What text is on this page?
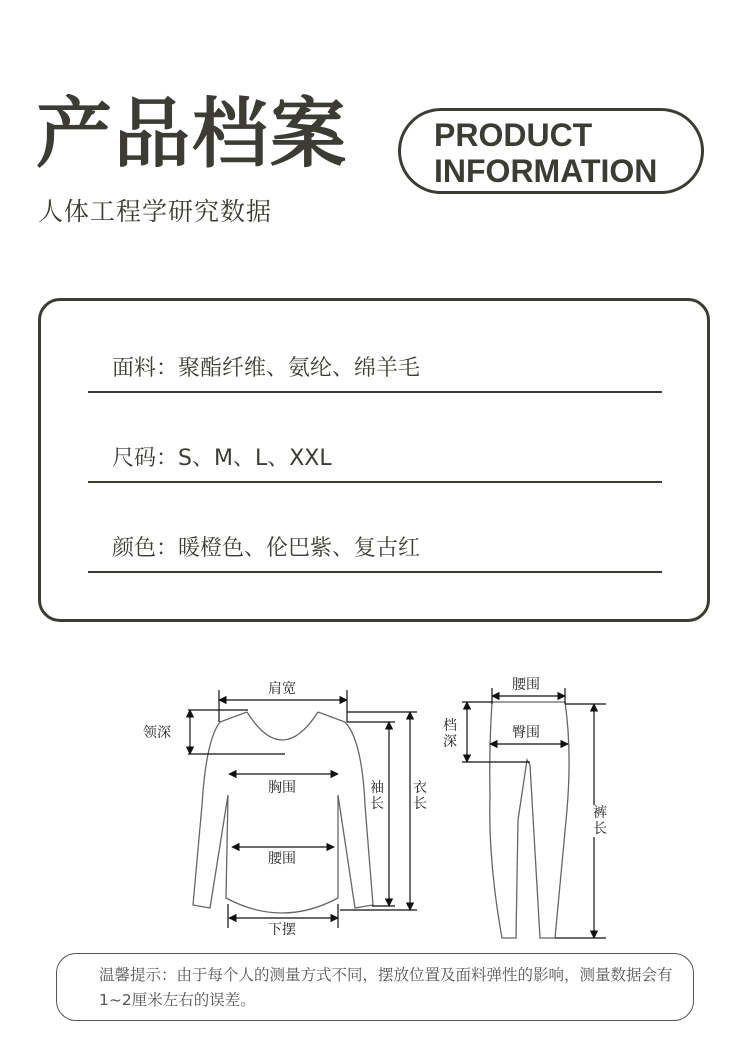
产品档案
人体工程学研究数据
PRODUCT
INFORMATION
面料：聚酯纤维、氨纶、绵羊毛
尺码：S、M、L、XXL
颜色：暖橙色、伦巴紫、复古红
肩宽
领深
胸围
腰围
下摆
袖长
衣长
腰围
档深
臀围
裤长
温馨提示：由于每个人的测量方式不同，摆放位置及面料弹性的影响，测量数据会有1~2厘米左右的误差。
